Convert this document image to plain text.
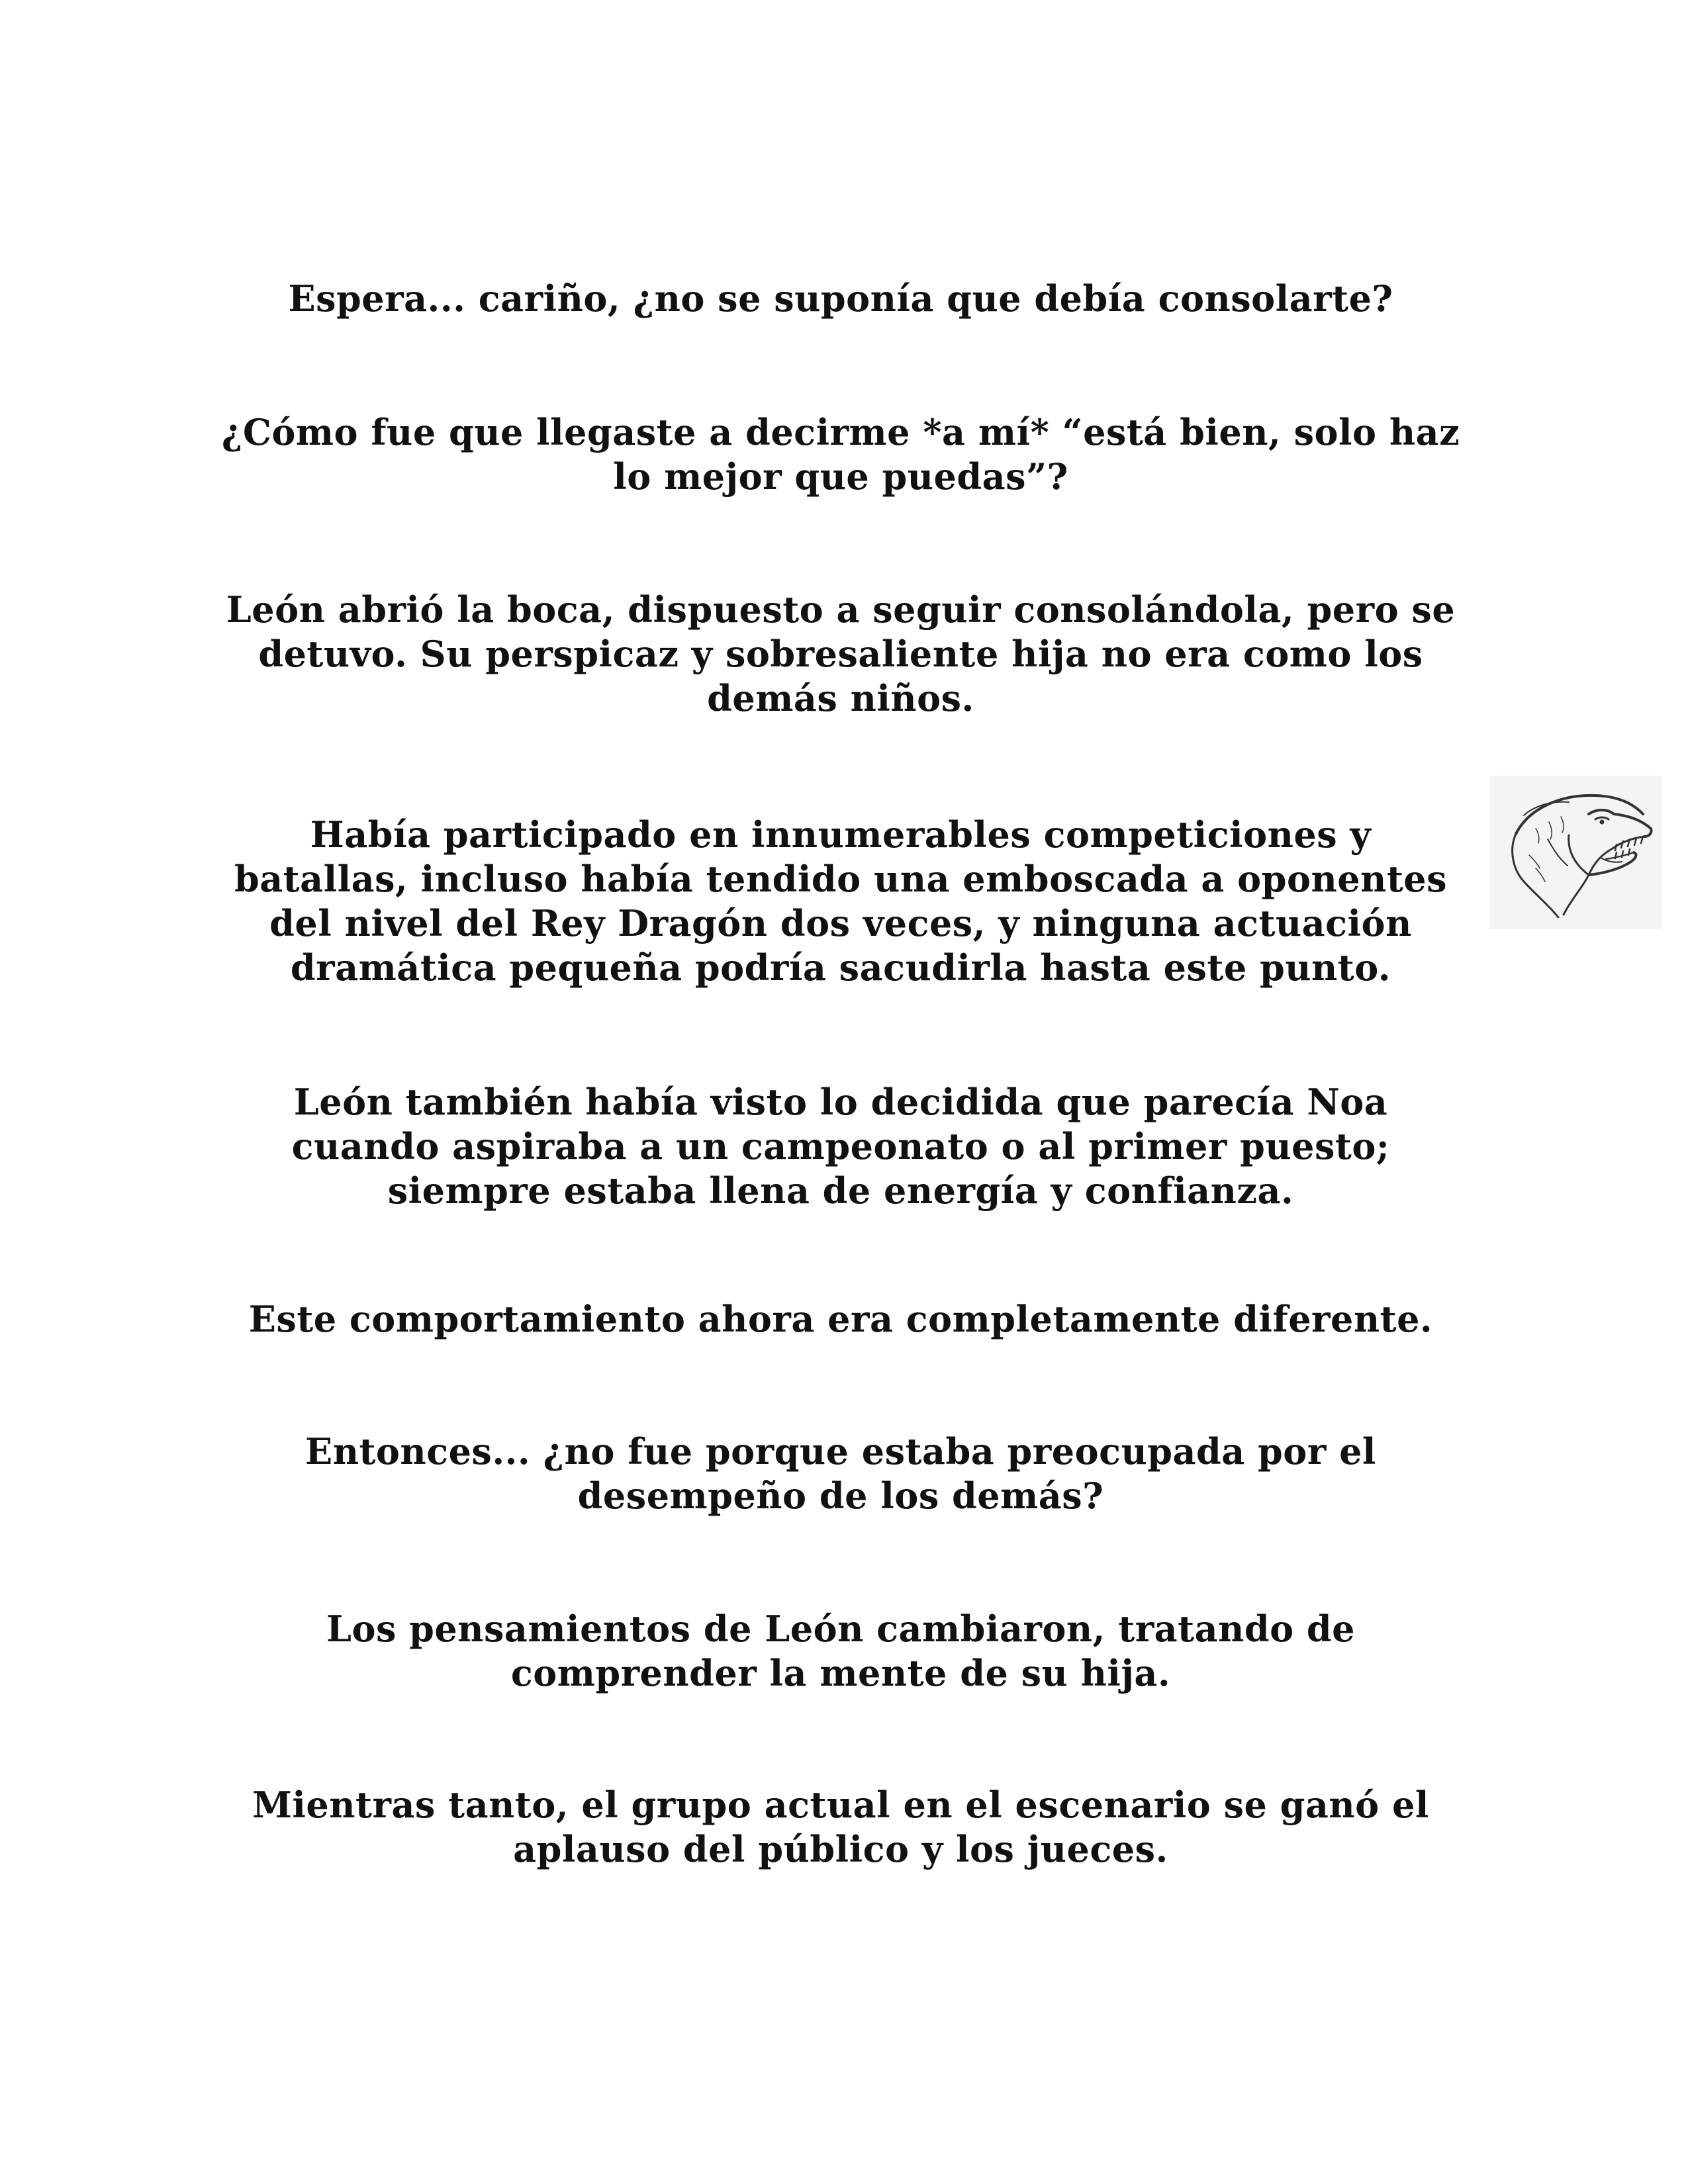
Espera... cariño, ¿no se suponía que debía consolarte?

¿Cómo fue que llegaste a decirme *a mí* “está bien, solo haz lo mejor que puedas”?

León abrió la boca, dispuesto a seguir consolándola, pero se detuvo. Su perspicaz y sobresaliente hija no era como los demás niños.

Había participado en innumerables competiciones y batallas, incluso había tendido una emboscada a oponentes del nivel del Rey Dragón dos veces, y ninguna actuación dramática pequeña podría sacudirla hasta este punto.

León también había visto lo decidida que parecía Noa cuando aspiraba a un campeonato o al primer puesto; siempre estaba llena de energía y confianza.

Este comportamiento ahora era completamente diferente.

Entonces... ¿no fue porque estaba preocupada por el desempeño de los demás?

Los pensamientos de León cambiaron, tratando de comprender la mente de su hija.

Mientras tanto, el grupo actual en el escenario se ganó el aplauso del público y los jueces.
